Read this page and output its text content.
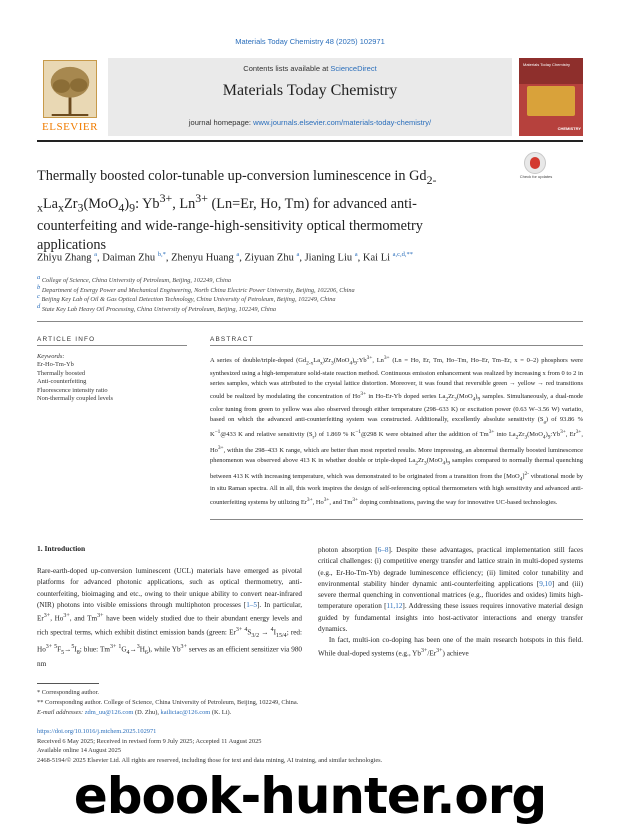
Materials Today Chemistry 48 (2025) 102971
ELSEVIER
Contents lists available at ScienceDirect
Materials Today Chemistry
journal homepage: www.journals.elsevier.com/materials-today-chemistry/
Materials Today Chemistry
CHEMISTRY
Thermally boosted color-tunable up-conversion luminescence in $Gd_{2-x}La_xZr_3(MoO_4)_9$: $Yb^{3+}$, $Ln^{3+}$ (Ln=Er, Ho, Tm) for advanced anti-counterfeiting and wide-range-high-sensitivity optical thermometry applications
Check for updates
Zhiyu Zhang $^a$, Daiman Zhu $^{b,*}$, Zhenyu Huang $^a$, Ziyuan Zhu $^a$, Jianing Liu $^a$, Kai Li $^{a,c,d,**}$
$^a$ College of Science, China University of Petroleum, Beijing, 102249, China
$^b$ Department of Energy Power and Mechanical Engineering, North China Electric Power University, Beijing, 102206, China
$^c$ Beijing Key Lab of Oil & Gas Optical Detection Technology, China University of Petroleum, Beijing, 102249, China
$^d$ State Key Lab Heavy Oil Processing, China University of Petroleum, Beijing, 102249, China
ARTICLE INFO
Keywords:
Er-Ho-Tm-Yb
Thermally boosted
Anti-counterfeiting
Fluorescence intensity ratio
Non-thermally coupled levels
ABSTRACT
A series of double/triple-doped $(Gd_{2-x}La_x)Zr_3(MoO_4)_9:Yb^{3+}$, $Ln^{3+}$ (Ln = Ho, Er, Tm, Ho–Tm, Ho–Er, Tm–Er, x = 0–2) phosphors were synthesized using a high-temperature solid-state reaction method. Continuous emission enhancement was realized by increasing x from 0 to 2 in series samples, which was attributed to the crystal lattice distortion. Moreover, it was found that reversible green → yellow → red transitions could be realized by modulating the concentration of $Ho^{3+}$ in Ho-Er-Yb doped series $La_2Zr_3(MoO_4)_9$ samples. Simultaneously, a dual-mode color tuning from green to yellow was also observed through either temperature (298–633 K) or excitation power (0.63 W–3.56 W) variatio, based on which the advanced anti-counterfeiting system was constructed. Additionally, excellently absolute sensitivity $(S_a)$ of 93.86 % $K^{-1}@433$ K and relative sensitivity $(S_r)$ of 1.869 % $K^{-1}@298$ K were obtained after the addition of $Tm^{3+}$ into $La_2Zr_3(MoO_4)_9:Yb^{3+}$, $Er^{3+}$, $Ho^{3+}$, within the 298–433 K range, which are better than most reported results. More impressing, an abnormal thermally boosted luminescence phenomenon was observed above 413 K in whether double or triple-doped $La_2Zr_3(MoO_4)_9$ samples compared to normally thermal quenching between 413 K with increasing temperature, which was demonstrated to be originated from a transition from the $[MoO_4]^{2-}$ vibrational mode by in situ Raman spectra. All in all, this work inspires the design of self-referencing optical thermometers with high sensitivity and advanced anti-counterfeiting systems by utilizing $Er^{3+}$, $Ho^{3+}$, and $Tm^{3+}$ doping combinations, paving the way for innovative UC-based technologies.
1. Introduction
Rare-earth-doped up-conversion luminescent (UCL) materials have emerged as pivotal platforms for advanced photonic applications, such as optical thermometry, anti-counterfeiting, bioimaging and etc., owing to their unique ability to convert near-infrared (NIR) photons into visible emissions through multiphoton processes [1–5]. In particular, $Er^{3+}$, $Ho^{3+}$, and $Tm^{3+}$ have been widely studied due to their abundant energy levels and rich spectral terms, which exhibit distinct emission bands (green: $Er^{3+}$ $^4S_{3/2} \to ^4I_{15/4}$; red: $Ho^{3+}$ $^5F_5\to^5I_8$; blue: $Tm^{3+}$ $^1G_4\to^3H_6$), while $Yb^{3+}$ serves as an efficient sensitizer via 980 nm
photon absorption [6–8]. Despite these advantages, practical implementation still faces critical challenges: (i) competitive energy transfer and lattice strain in multi-doped systems (e.g., Er-Ho-Tm-Yb) degrade luminescence efficiency; (ii) limited color tunability and environmental stability hinder dynamic anti-counterfeiting applications [9,10] and (iii) severe thermal quenching in conventional matrices (e.g., fluorides and oxides) limits high-temperature operation [11,12]. Addressing these issues requires innovative material design guided by fundamental insights into host-activator interactions and energy transfer dynamics.
In fact, multi-ion co-doping has been one of the main research hotspots in this field. While dual-doped systems (e.g., $Yb^{3+}/Er^{3+}$) achieve
* Corresponding author.
** Corresponding author. College of Science, China University of Petroleum, Beijing, 102249, China.
E-mail addresses: zdm_uu@126.com (D. Zhu), kailiciac@126.com (K. Li).
https://doi.org/10.1016/j.mtchem.2025.102971
Received 6 May 2025; Received in revised form 9 July 2025; Accepted 11 August 2025
Available online 14 August 2025
2468-5194/© 2025 Elsevier Ltd. All rights are reserved, including those for text and data mining, AI training, and similar technologies.
ebook-hunter.org
